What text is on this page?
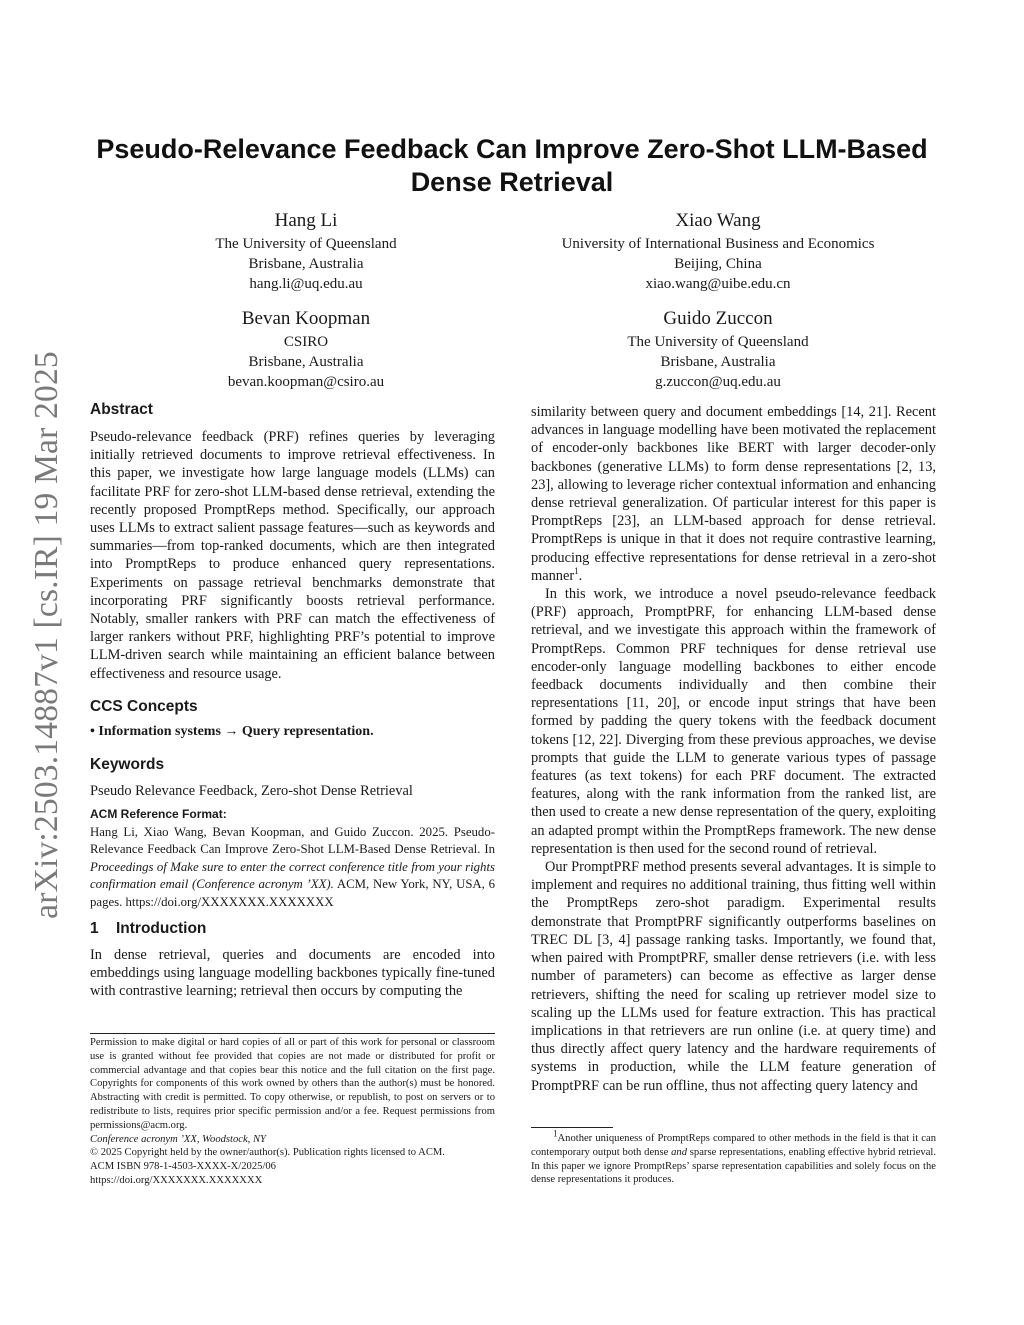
arXiv:2503.14887v1 [cs.IR] 19 Mar 2025
Pseudo-Relevance Feedback Can Improve Zero-Shot LLM-Based Dense Retrieval
Hang Li
The University of Queensland
Brisbane, Australia
hang.li@uq.edu.au
Xiao Wang
University of International Business and Economics
Beijing, China
xiao.wang@uibe.edu.cn
Bevan Koopman
CSIRO
Brisbane, Australia
bevan.koopman@csiro.au
Guido Zuccon
The University of Queensland
Brisbane, Australia
g.zuccon@uq.edu.au
Abstract

Pseudo-relevance feedback (PRF) refines queries by leveraging initially retrieved documents to improve retrieval effectiveness. In this paper, we investigate how large language models (LLMs) can facilitate PRF for zero-shot LLM-based dense retrieval, extending the recently proposed PromptReps method. Specifically, our approach uses LLMs to extract salient passage features—such as keywords and summaries—from top-ranked documents, which are then integrated into PromptReps to produce enhanced query representations. Experiments on passage retrieval benchmarks demonstrate that incorporating PRF significantly boosts retrieval performance. Notably, smaller rankers with PRF can match the effectiveness of larger rankers without PRF, highlighting PRF’s potential to improve LLM-driven search while maintaining an efficient balance between effectiveness and resource usage.

CCS Concepts
• Information systems → Query representation.
Keywords

Pseudo Relevance Feedback, Zero-shot Dense Retrieval

ACM Reference Format:

Hang Li, Xiao Wang, Bevan Koopman, and Guido Zuccon. 2025. Pseudo-Relevance Feedback Can Improve Zero-Shot LLM-Based Dense Retrieval. In Proceedings of Make sure to enter the correct conference title from your rights confirmation email (Conference acronym ’XX). ACM, New York, NY, USA, 6 pages. https://doi.org/XXXXXXX.XXXXXXX

1 Introduction

In dense retrieval, queries and documents are encoded into embeddings using language modelling backbones typically fine-tuned with contrastive learning; retrieval then occurs by computing the

Permission to make digital or hard copies of all or part of this work for personal or classroom use is granted without fee provided that copies are not made or distributed for profit or commercial advantage and that copies bear this notice and the full citation on the first page. Copyrights for components of this work owned by others than the author(s) must be honored. Abstracting with credit is permitted. To copy otherwise, or republish, to post on servers or to redistribute to lists, requires prior specific permission and/or a fee. Request permissions from permissions@acm.org.
Conference acronym ’XX, Woodstock, NY
© 2025 Copyright held by the owner/author(s). Publication rights licensed to ACM.
ACM ISBN 978-1-4503-XXXX-X/2025/06
https://doi.org/XXXXXXX.XXXXXXX

similarity between query and document embeddings [14, 21]. Recent advances in language modelling have been motivated the replacement of encoder-only backbones like BERT with larger decoder-only backbones (generative LLMs) to form dense representations [2, 13, 23], allowing to leverage richer contextual information and enhancing dense retrieval generalization. Of particular interest for this paper is PromptReps [23], an LLM-based approach for dense retrieval. PromptReps is unique in that it does not require contrastive learning, producing effective representations for dense retrieval in a zero-shot manner$^1$.

In this work, we introduce a novel pseudo-relevance feedback (PRF) approach, PromptPRF, for enhancing LLM-based dense retrieval, and we investigate this approach within the framework of PromptReps. Common PRF techniques for dense retrieval use encoder-only language modelling backbones to either encode feedback documents individually and then combine their representations [11, 20], or encode input strings that have been formed by padding the query tokens with the feedback document tokens [12, 22]. Diverging from these previous approaches, we devise prompts that guide the LLM to generate various types of passage features (as text tokens) for each PRF document. The extracted features, along with the rank information from the ranked list, are then used to create a new dense representation of the query, exploiting an adapted prompt within the PromptReps framework. The new dense representation is then used for the second round of retrieval.

Our PromptPRF method presents several advantages. It is simple to implement and requires no additional training, thus fitting well within the PromptReps zero-shot paradigm. Experimental results demonstrate that PromptPRF significantly outperforms baselines on TREC DL [3, 4] passage ranking tasks. Importantly, we found that, when paired with PromptPRF, smaller dense retrievers (i.e. with less number of parameters) can become as effective as larger dense retrievers, shifting the need for scaling up retriever model size to scaling up the LLMs used for feature extraction. This has practical implications in that retrievers are run online (i.e. at query time) and thus directly affect query latency and the hardware requirements of systems in production, while the LLM feature generation of PromptPRF can be run offline, thus not affecting query latency and

$^1$Another uniqueness of PromptReps compared to other methods in the field is that it can contemporary output both dense and sparse representations, enabling effective hybrid retrieval. In this paper we ignore PromptReps’ sparse representation capabilities and solely focus on the dense representations it produces.
